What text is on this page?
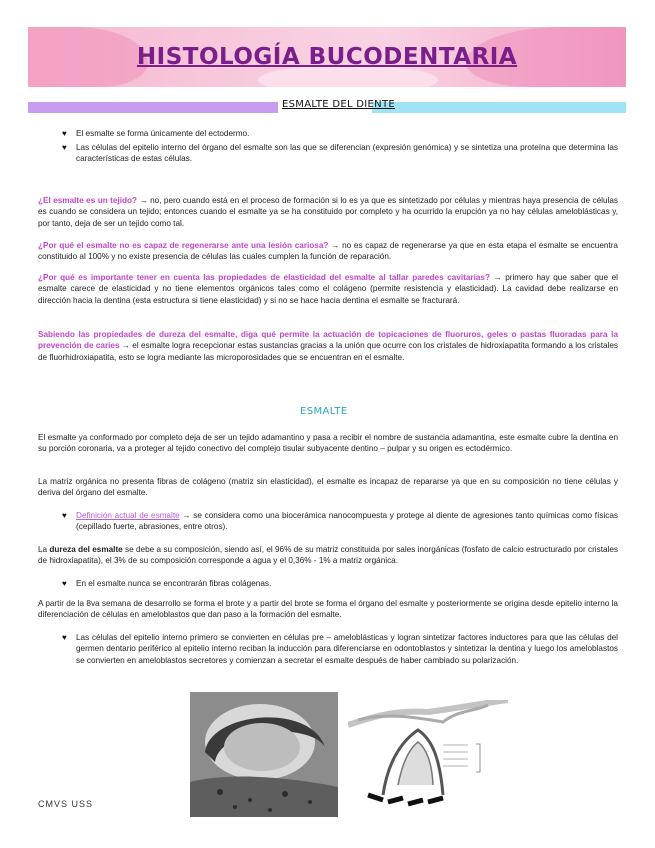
HISTOLOGÍA BUCODENTARIA
ESMALTE DEL DIENTE
♥ El esmalte se forma únicamente del ectodermo.
♥ Las células del epitelio interno del órgano del esmalte son las que se diferencian (expresión genómica) y se sintetiza una proteína que determina las características de estas células.
¿El esmalte es un tejido? → no, pero cuando está en el proceso de formación si lo es ya que es sintetizado por células y mientras haya presencia de células es cuando se considera un tejido; entonces cuando el esmalte ya se ha constituido por completo y ha ocurrido la erupción ya no hay células ameloblásticas y, por tanto, deja de ser un tejido como tal.
¿Por qué el esmalte no es capaz de regenerarse ante una lesión cariosa? → no es capaz de regenerarse ya que en esta etapa el esmalte se encuentra constituido al 100% y no existe presencia de células las cuales cumplen la función de reparación.
¿Por qué es importante tener en cuenta las propiedades de elasticidad del esmalte al tallar paredes cavitarias? → primero hay que saber que el esmalte carece de elasticidad y no tiene elementos orgánicos tales como el colágeno (permite resistencia y elasticidad). La cavidad debe realizarse en dirección hacia la dentina (esta estructura si tiene elasticidad) y si no se hace hacia dentina el esmalte se fracturará.
Sabiendo las propiedades de dureza del esmalte, diga qué permite la actuación de topicaciones de fluoruros, geles o pastas fluoradas para la prevención de caries → el esmalte logra recepcionar estas sustancias gracias a la unión que ocurre con los cristales de hidroxiapatita formando a los cristales de fluorhidroxiapatita, esto se logra mediante las microporosidades que se encuentran en el esmalte.
ESMALTE
El esmalte ya conformado por completo deja de ser un tejido adamantino y pasa a recibir el nombre de sustancia adamantina, este esmalte cubre la dentina en su porción coronaria, va a proteger al tejido conectivo del complejo tisular subyacente dentino – pulpar y su origen es ectodérmico.
La matriz orgánica no presenta fibras de colágeno (matriz sin elasticidad), el esmalte es incapaz de repararse ya que en su composición no tiene células y deriva del órgano del esmalte.
♥ Definición actual de esmalte → se considera como una biocerámica nanocompuesta y protege al diente de agresiones tanto químicas como físicas (cepillado fuerte, abrasiones, entre otros).
La dureza del esmalte se debe a su composición, siendo así, el 96% de su matriz constituida por sales inorgánicas (fosfato de calcio estructurado por cristales de hidroxiapatita), el 3% de su composición corresponde a agua y el 0,36% - 1% a matriz orgánica.
♥ En el esmalte nunca se encontrarán fibras colágenas.
A partir de la 8va semana de desarrollo se forma el brote y a partir del brote se forma el órgano del esmalte y posteriormente se origina desde epitelio interno la diferenciación de células en ameloblastos que dan paso a la formación del esmalte.
♥ Las células del epitelio interno primero se convierten en células pre – ameloblásticas y logran sintetizar factores inductores para que las células del germen dentario periférico al epitelio interno reciban la inducción para diferenciarse en odontoblastos y sintetizar la dentina y luego los ameloblastos se convierten en ameloblastos secretores y comienzan a secretar el esmalte después de haber cambiado su polarización.
CMVS USS
